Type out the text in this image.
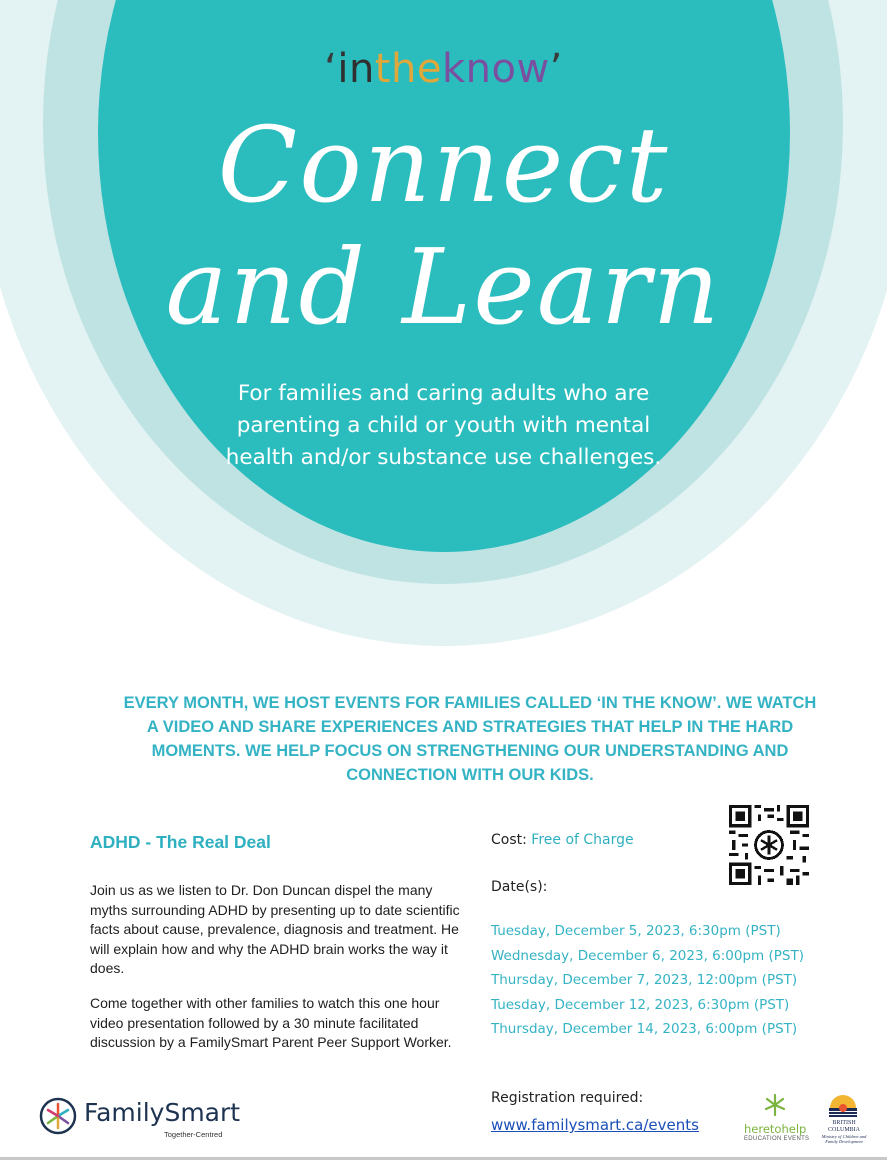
‘intheknow’
Connect
and Learn
For families and caring adults who are parenting a child or youth with mental health and/or substance use challenges.
EVERY MONTH, WE HOST EVENTS FOR FAMILIES CALLED ‘IN THE KNOW’. WE WATCH A VIDEO AND SHARE EXPERIENCES AND STRATEGIES THAT HELP IN THE HARD MOMENTS. WE HELP FOCUS ON STRENGTHENING OUR UNDERSTANDING AND CONNECTION WITH OUR KIDS.
ADHD - The Real Deal
Join us as we listen to Dr. Don Duncan dispel the many myths surrounding ADHD by presenting up to date scientific facts about cause, prevalence, diagnosis and treatment. He will explain how and why the ADHD brain works the way it does.
Come together with other families to watch this one hour video presentation followed by a 30 minute facilitated discussion by a FamilySmart Parent Peer Support Worker.
Cost: Free of Charge
Date(s):
Tuesday, December 5, 2023, 6:30pm (PST)
Wednesday, December 6, 2023, 6:00pm (PST)
Thursday, December 7, 2023, 12:00pm (PST)
Tuesday, December 12, 2023, 6:30pm (PST)
Thursday, December 14, 2023, 6:00pm (PST)
Registration required:
www.familysmart.ca/events
FamilySmart
Together-Centred	heretohelp
EDUCATION EVENTS
BRITISH COLUMBIA
Ministry of Children and Family Development
